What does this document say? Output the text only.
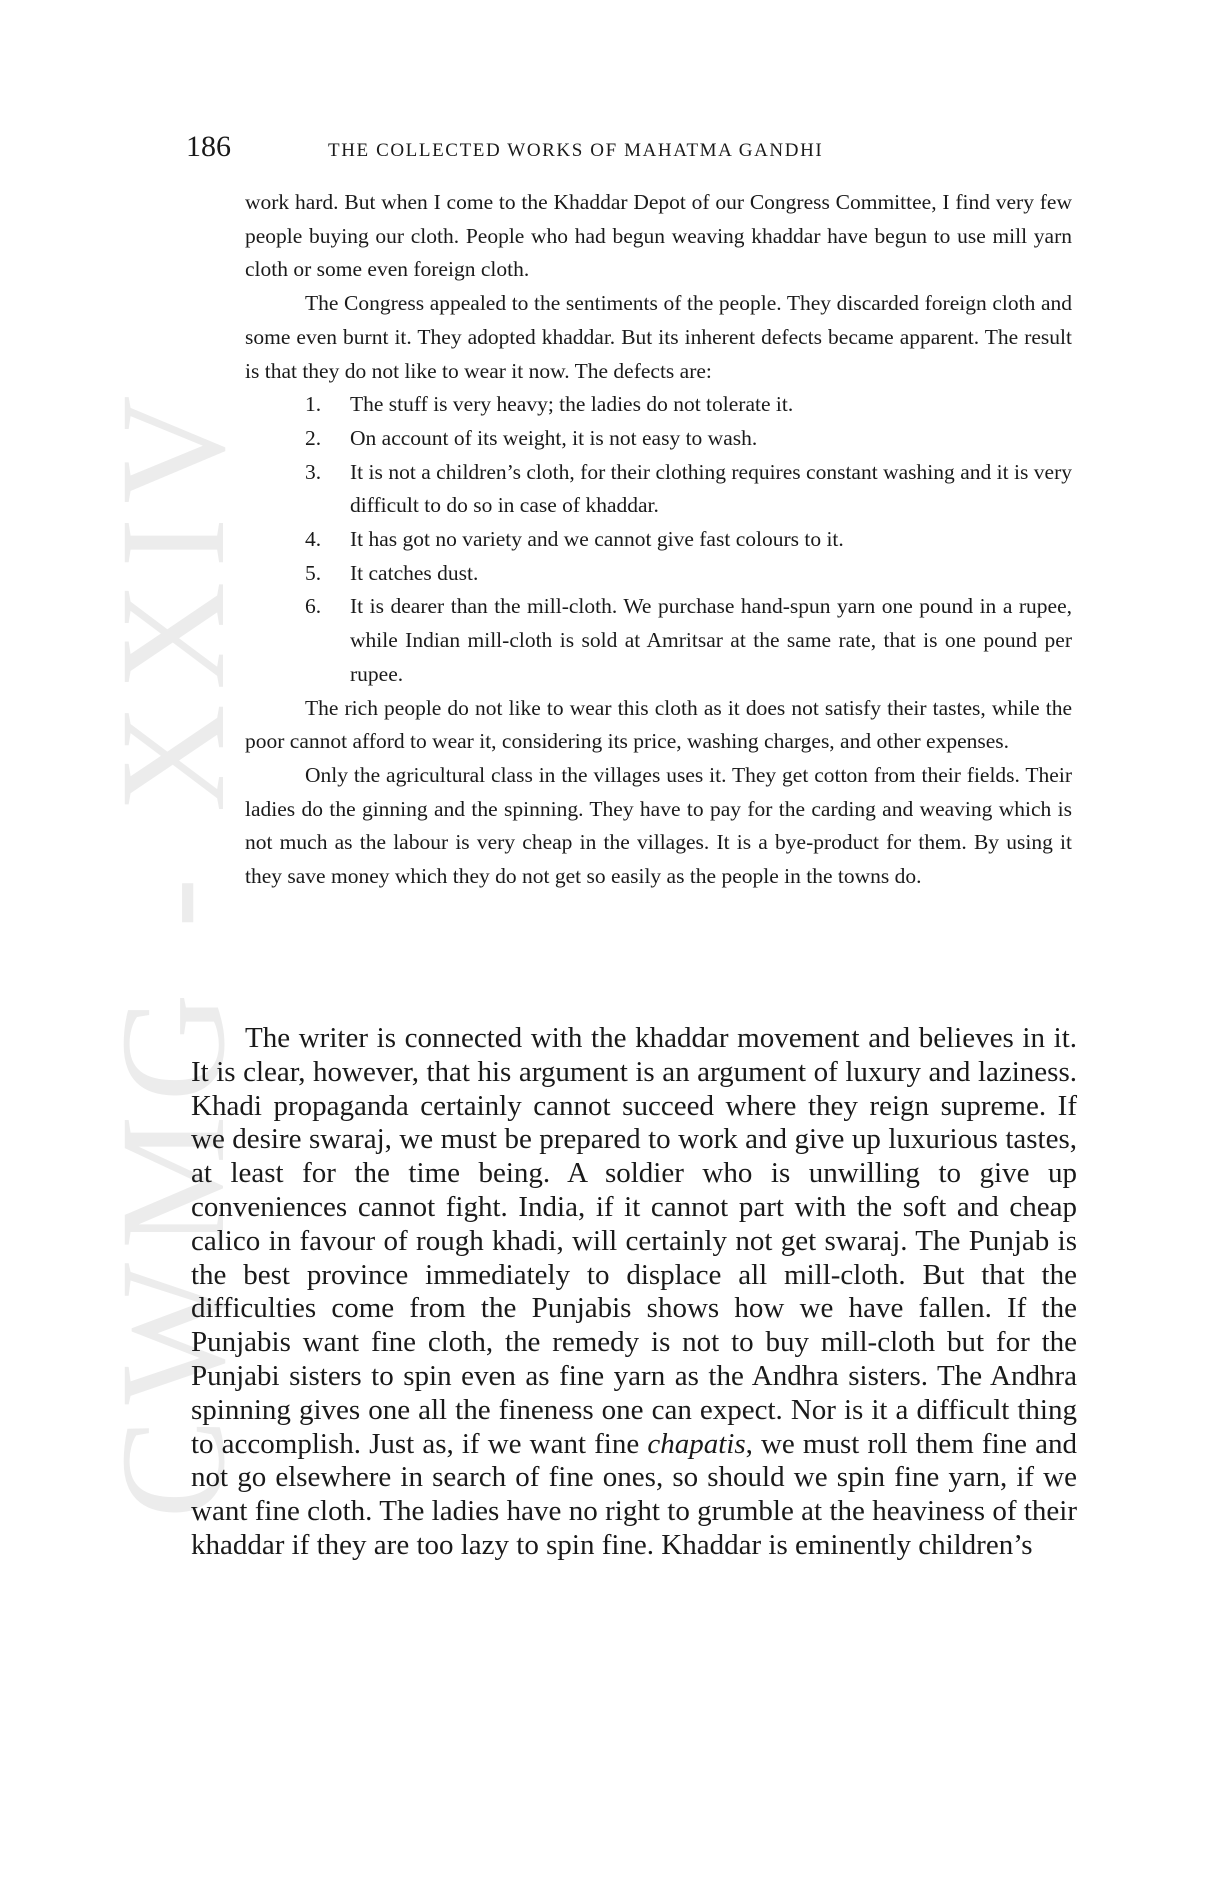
CWMG - XXIV
186	THE COLLECTED WORKS OF MAHATMA GANDHI

work hard. But when I come to the Khaddar Depot of our Congress Committee, I find very few people buying our cloth. People who had begun weaving khaddar have begun to use mill yarn cloth or some even foreign cloth.

The Congress appealed to the sentiments of the people. They discarded foreign cloth and some even burnt it. They adopted khaddar. But its inherent defects became apparent. The result is that they do not like to wear it now. The defects are:

1. The stuff is very heavy; the ladies do not tolerate it.
2. On account of its weight, it is not easy to wash.
3. It is not a children’s cloth, for their clothing requires constant washing and it is very difficult to do so in case of khaddar.
4. It has got no variety and we cannot give fast colours to it.
5. It catches dust.
6. It is dearer than the mill-cloth. We purchase hand-spun yarn one pound in a rupee, while Indian mill-cloth is sold at Amritsar at the same rate, that is one pound per rupee.

The rich people do not like to wear this cloth as it does not satisfy their tastes, while the poor cannot afford to wear it, considering its price, washing charges, and other expenses.

Only the agricultural class in the villages uses it. They get cotton from their fields. Their ladies do the ginning and the spinning. They have to pay for the carding and weaving which is not much as the labour is very cheap in the villages. It is a bye-product for them. By using it they save money which they do not get so easily as the people in the towns do.

The writer is connected with the khaddar movement and believes in it. It is clear, however, that his argument is an argument of luxury and laziness. Khadi propaganda certainly cannot succeed where they reign supreme. If we desire swaraj, we must be prepared to work and give up luxurious tastes, at least for the time being. A soldier who is unwilling to give up conveniences cannot fight. India, if it cannot part with the soft and cheap calico in favour of rough khadi, will certainly not get swaraj. The Punjab is the best province immediately to displace all mill-cloth. But that the difficulties come from the Punjabis shows how we have fallen. If the Punjabis want fine cloth, the remedy is not to buy mill-cloth but for the Punjabi sisters to spin even as fine yarn as the Andhra sisters. The Andhra spinning gives one all the fineness one can expect. Nor is it a difficult thing to accomplish. Just as, if we want fine chapatis, we must roll them fine and not go elsewhere in search of fine ones, so should we spin fine yarn, if we want fine cloth. The ladies have no right to grumble at the heaviness of their khaddar if they are too lazy to spin fine. Khaddar is eminently children’s
